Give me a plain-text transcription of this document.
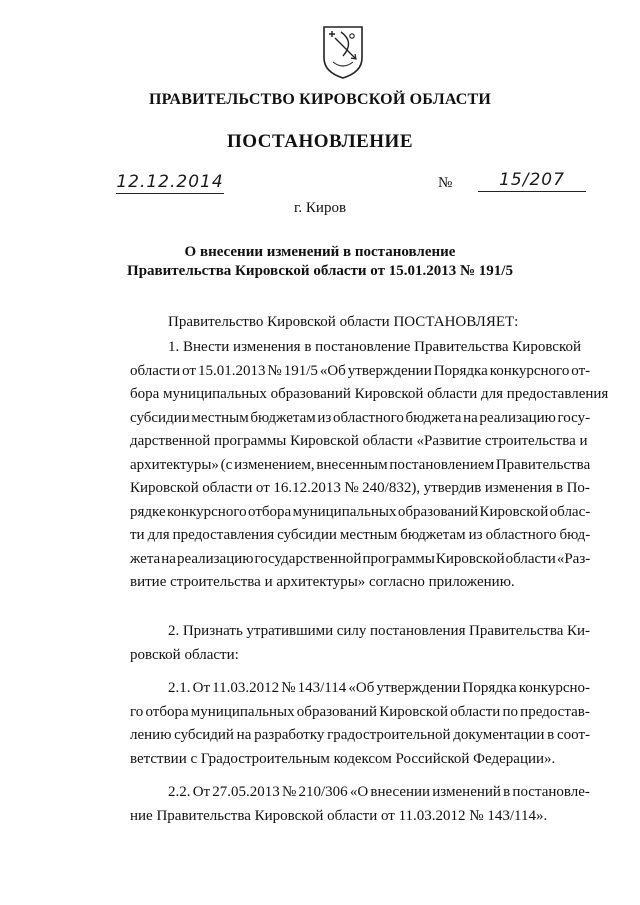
ПРАВИТЕЛЬСТВО КИРОВСКОЙ ОБЛАСТИ
ПОСТАНОВЛЕНИЕ
12.12.2014	№	15/207
г. Киров
О внесении изменений в постановление
Правительства Кировской области от 15.01.2013 № 191/5

Правительство Кировской области ПОСТАНОВЛЯЕТ:

1. Внести изменения в постановление Правительства Кировской
области от 15.01.2013 № 191/5 «Об утверждении Порядка конкурсного от-
бора муниципальных образований Кировской области для предоставления
субсидии местным бюджетам из областного бюджета на реализацию госу-
дарственной программы Кировской области «Развитие строительства и
архитектуры» (с изменением, внесенным постановлением Правительства
Кировской области от 16.12.2013 № 240/832), утвердив изменения в По-
рядке конкурсного отбора муниципальных образований Кировской облас-
ти для предоставления субсидии местным бюджетам из областного бюд-
жета на реализацию государственной программы Кировской области «Раз-
витие строительства и архитектуры» согласно приложению.
2. Признать утратившими силу постановления Правительства Ки-
ровской области:
2.1. От 11.03.2012 № 143/114 «Об утверждении Порядка конкурсно-
го отбора муниципальных образований Кировской области по предостав-
лению субсидий на разработку градостроительной документации в соот-
ветствии с Градостроительным кодексом Российской Федерации».
2.2. От 27.05.2013 № 210/306 «О внесении изменений в постановле-
ние Правительства Кировской области от 11.03.2012 № 143/114».
